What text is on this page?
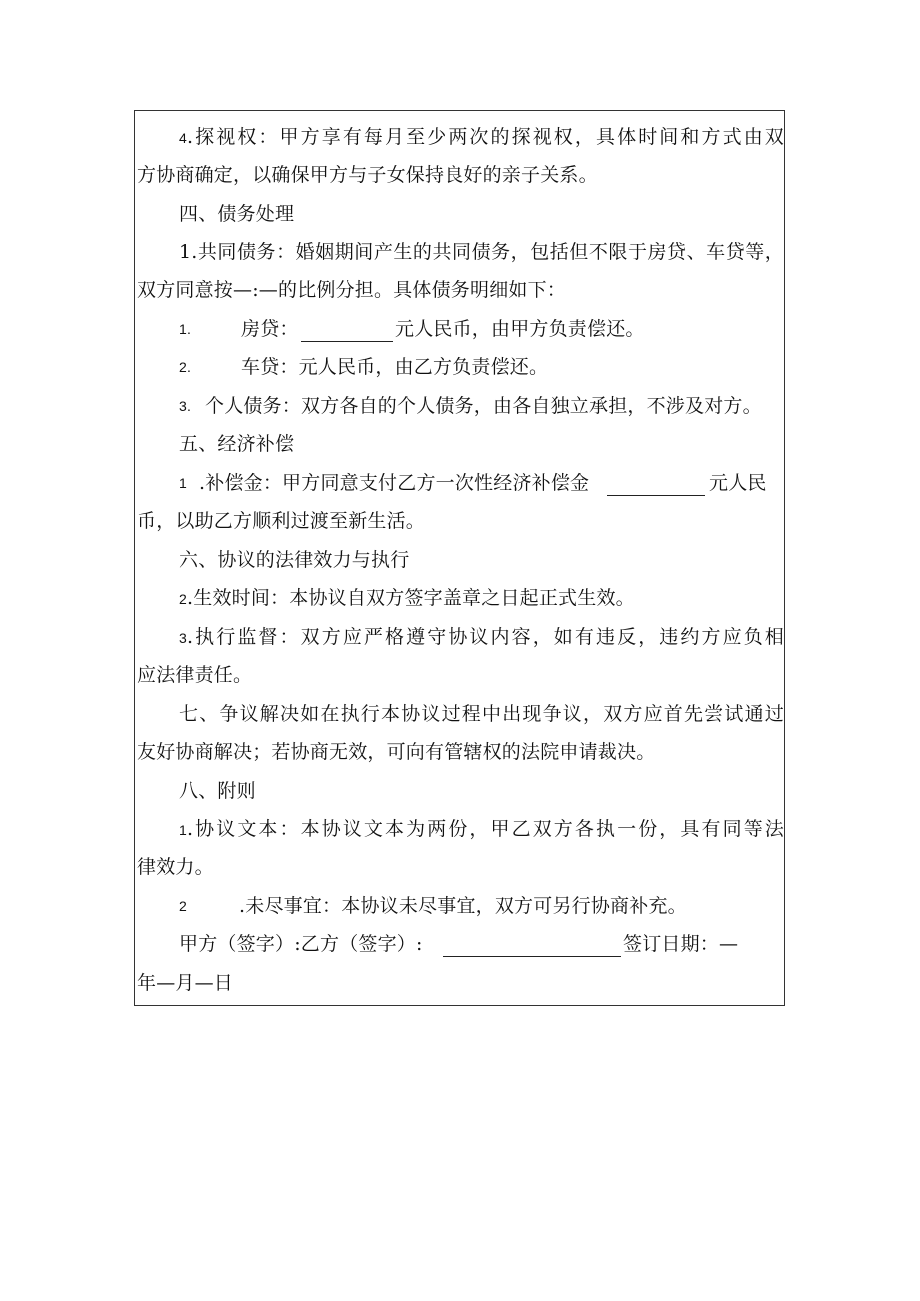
4.探视权：甲方享有每月至少两次的探视权，具体时间和方式由双
方协商确定，以确保甲方与子女保持良好的亲子关系。
四、债务处理
1.共同债务：婚姻期间产生的共同债务，包括但不限于房贷、车贷等，
双方同意按—:—的比例分担。具体债务明细如下：
1.	房贷：	元人民币，由甲方负责偿还。
2.	车贷：元人民币，由乙方负责偿还。
3. 个人债务：双方各自的个人债务，由各自独立承担，不涉及对方。
五、经济补偿
1 .补偿金：甲方同意支付乙方一次性经济补偿金	元人民
币，以助乙方顺利过渡至新生活。
六、协议的法律效力与执行
2.生效时间：本协议自双方签字盖章之日起正式生效。
3.执行监督：双方应严格遵守协议内容，如有违反，违约方应负相
应法律责任。
七、争议解决如在执行本协议过程中出现争议，双方应首先尝试通过
友好协商解决；若协商无效，可向有管辖权的法院申请裁决。
八、附则
1.协议文本：本协议文本为两份，甲乙双方各执一份，具有同等法
律效力。
2	.未尽事宜：本协议未尽事宜，双方可另行协商补充。
甲方（签字）:乙方（签字）:	签订日期：—
年—月—日
